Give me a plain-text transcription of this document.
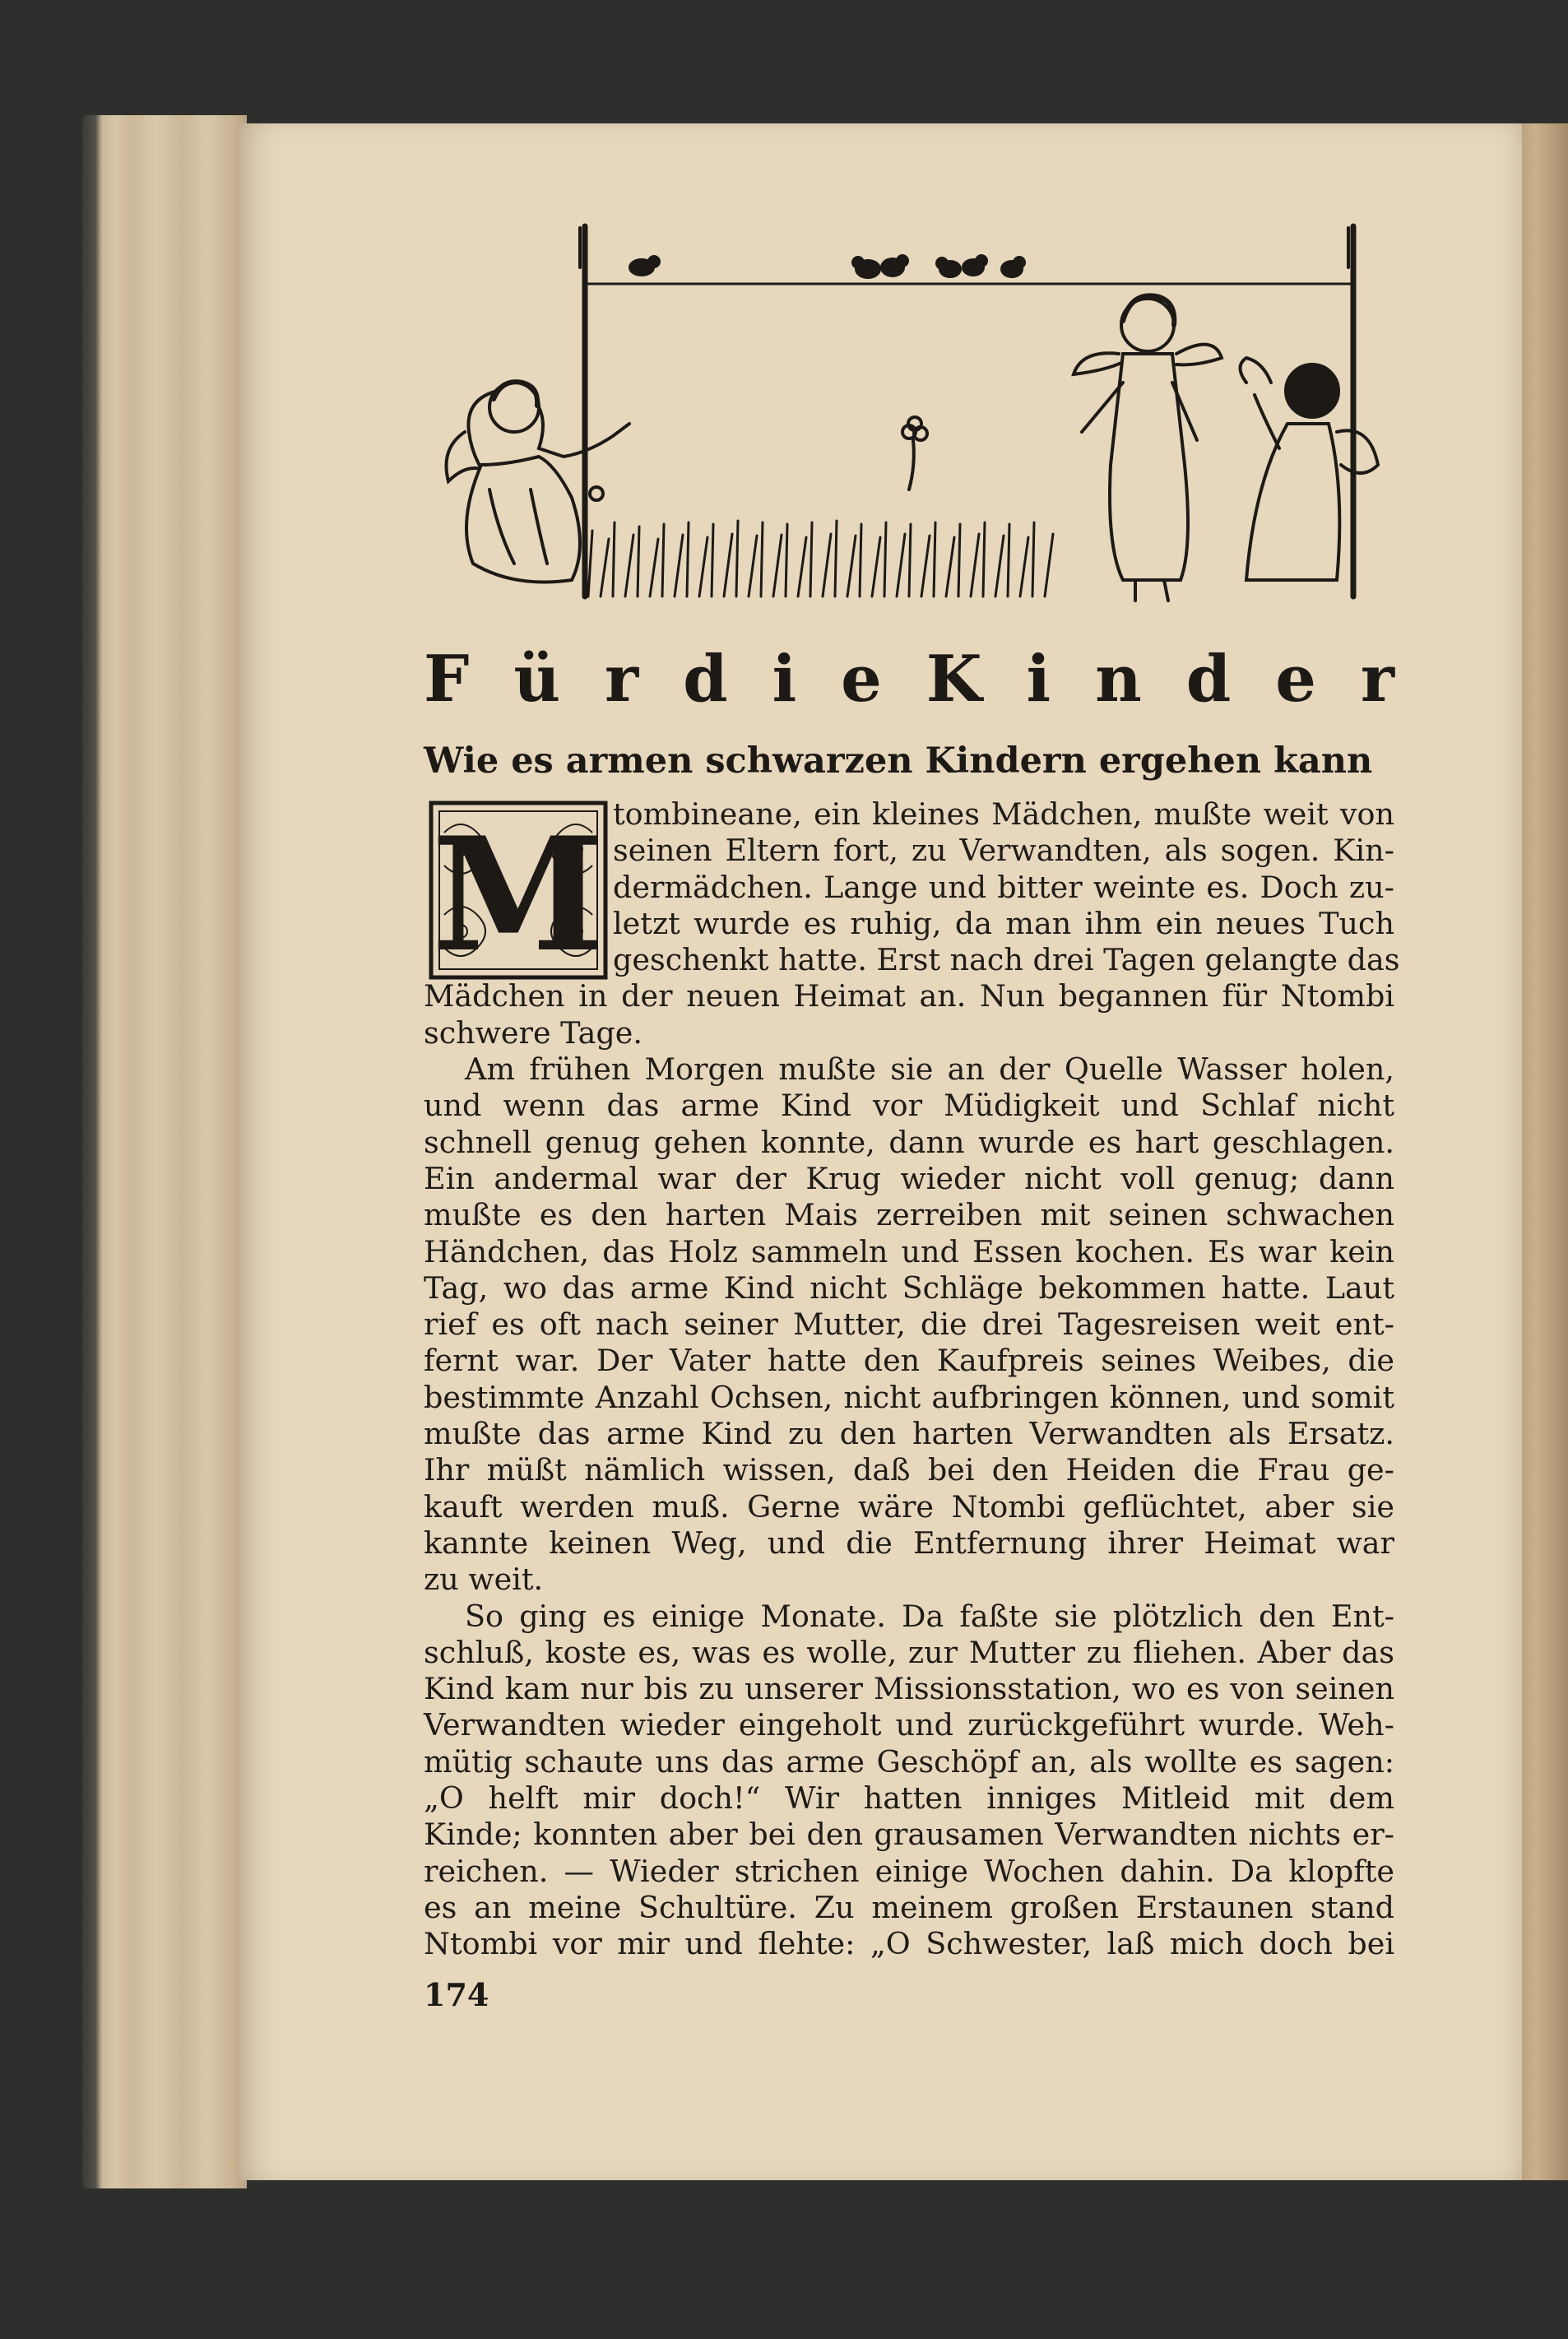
F ü r d i e K i n d e r
Wie es armen schwarzen Kindern ergehen kann
M tombineane, ein kleines Mädchen, mußte weit von
seinen Eltern fort, zu Verwandten, als sogen. Kin-
dermädchen. Lange und bitter weinte es. Doch zu-
letzt wurde es ruhig, da man ihm ein neues Tuch
geschenkt hatte. Erst nach drei Tagen gelangte das
Mädchen in der neuen Heimat an. Nun begannen für Ntombi
schwere Tage.
Am frühen Morgen mußte sie an der Quelle Wasser holen,
und wenn das arme Kind vor Müdigkeit und Schlaf nicht
schnell genug gehen konnte, dann wurde es hart geschlagen.
Ein andermal war der Krug wieder nicht voll genug; dann
mußte es den harten Mais zerreiben mit seinen schwachen
Händchen, das Holz sammeln und Essen kochen. Es war kein
Tag, wo das arme Kind nicht Schläge bekommen hatte. Laut
rief es oft nach seiner Mutter, die drei Tagesreisen weit ent-
fernt war. Der Vater hatte den Kaufpreis seines Weibes, die
bestimmte Anzahl Ochsen, nicht aufbringen können, und somit
mußte das arme Kind zu den harten Verwandten als Ersatz.
Ihr müßt nämlich wissen, daß bei den Heiden die Frau ge-
kauft werden muß. Gerne wäre Ntombi geflüchtet, aber sie
kannte keinen Weg, und die Entfernung ihrer Heimat war
zu weit.
So ging es einige Monate. Da faßte sie plötzlich den Ent-
schluß, koste es, was es wolle, zur Mutter zu fliehen. Aber das
Kind kam nur bis zu unserer Missionsstation, wo es von seinen
Verwandten wieder eingeholt und zurückgeführt wurde. Weh-
mütig schaute uns das arme Geschöpf an, als wollte es sagen:
„O helft mir doch!“ Wir hatten inniges Mitleid mit dem
Kinde; konnten aber bei den grausamen Verwandten nichts er-
reichen. — Wieder strichen einige Wochen dahin. Da klopfte
es an meine Schultüre. Zu meinem großen Erstaunen stand
Ntombi vor mir und flehte: „O Schwester, laß mich doch bei
174
